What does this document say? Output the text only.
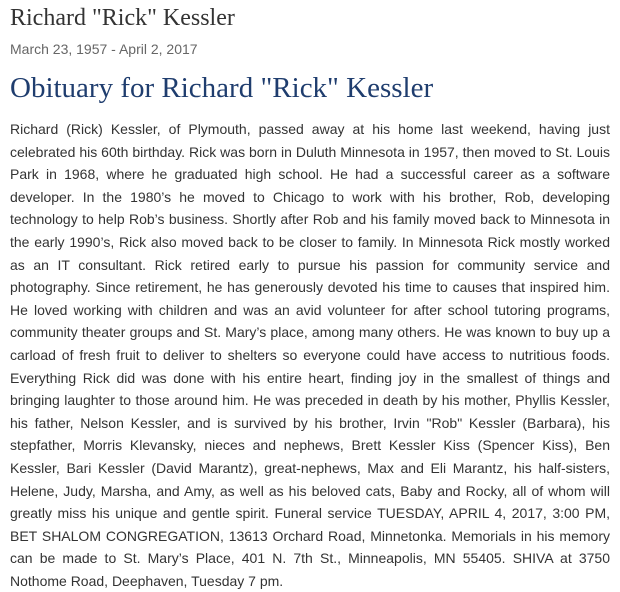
Richard "Rick" Kessler
March 23, 1957 - April 2, 2017
Obituary for Richard "Rick" Kessler

Richard (Rick) Kessler, of Plymouth, passed away at his home last weekend, having just celebrated his 60th birthday. Rick was born in Duluth Minnesota in 1957, then moved to St. Louis Park in 1968, where he graduated high school. He had a successful career as a software developer. In the 1980’s he moved to Chicago to work with his brother, Rob, developing technology to help Rob’s business. Shortly after Rob and his family moved back to Minnesota in the early 1990’s, Rick also moved back to be closer to family. In Minnesota Rick mostly worked as an IT consultant. Rick retired early to pursue his passion for community service and photography. Since retirement, he has generously devoted his time to causes that inspired him. He loved working with children and was an avid volunteer for after school tutoring programs, community theater groups and St. Mary’s place, among many others. He was known to buy up a carload of fresh fruit to deliver to shelters so everyone could have access to nutritious foods. Everything Rick did was done with his entire heart, finding joy in the smallest of things and bringing laughter to those around him. He was preceded in death by his mother, Phyllis Kessler, his father, Nelson Kessler, and is survived by his brother, Irvin "Rob" Kessler (Barbara), his stepfather, Morris Klevansky, nieces and nephews, Brett Kessler Kiss (Spencer Kiss), Ben Kessler, Bari Kessler (David Marantz), great-nephews, Max and Eli Marantz, his half-sisters, Helene, Judy, Marsha, and Amy, as well as his beloved cats, Baby and Rocky, all of whom will greatly miss his unique and gentle spirit. Funeral service TUESDAY, APRIL 4, 2017, 3:00 PM, BET SHALOM CONGREGATION, 13613 Orchard Road, Minnetonka. Memorials in his memory can be made to St. Mary’s Place, 401 N. 7th St., Minneapolis, MN 55405. SHIVA at 3750 Nothome Road, Deephaven, Tuesday 7 pm.
